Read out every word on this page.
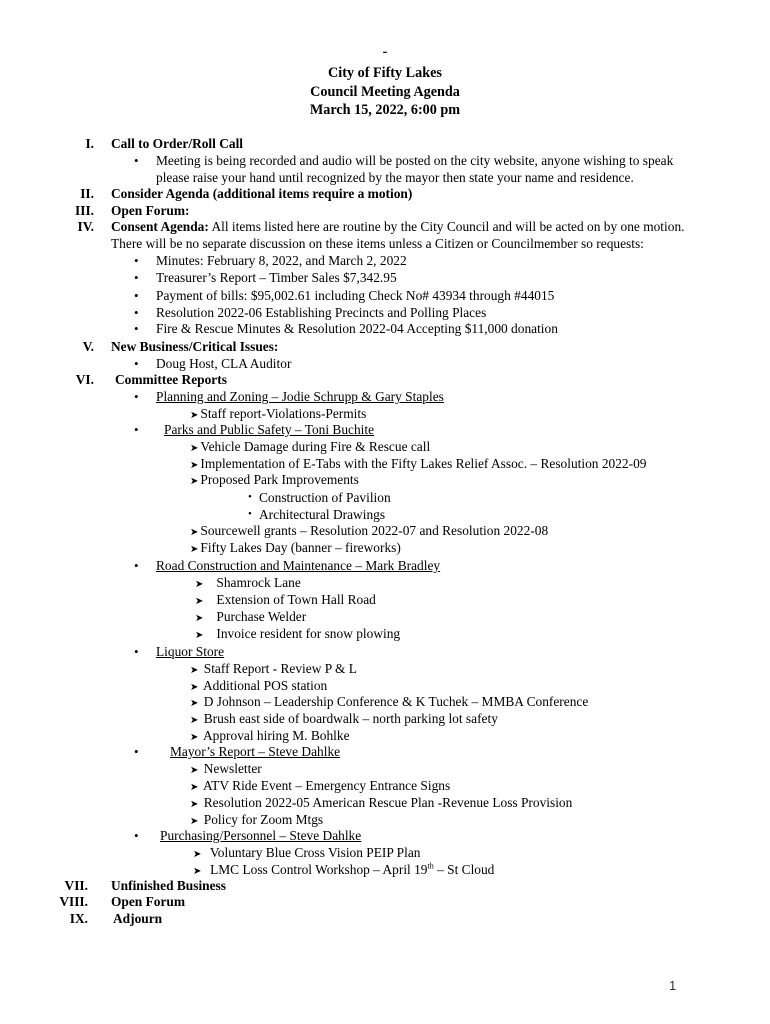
-
City of Fifty Lakes
Council Meeting Agenda
March 15, 2022, 6:00 pm
I. Call to Order/Roll Call
• Meeting is being recorded and audio will be posted on the city website, anyone wishing to speak
please raise your hand until recognized by the mayor then state your name and residence.
II. Consider Agenda (additional items require a motion)
III. Open Forum:
IV. Consent Agenda: All items listed here are routine by the City Council and will be acted on by one motion.
There will be no separate discussion on these items unless a Citizen or Councilmember so requests:
• Minutes: February 8, 2022, and March 2, 2022
• Treasurer’s Report – Timber Sales $7,342.95
• Payment of bills: $95,002.61 including Check No# 43934 through #44015
• Resolution 2022-06 Establishing Precincts and Polling Places
• Fire & Rescue Minutes & Resolution 2022-04 Accepting $11,000 donation
V. New Business/Critical Issues:
• Doug Host, CLA Auditor
VI. Committee Reports
• Planning and Zoning – Jodie Schrupp & Gary Staples
➤ Staff report-Violations-Permits
• Parks and Public Safety – Toni Buchite
➤ Vehicle Damage during Fire & Rescue call
➤ Implementation of E-Tabs with the Fifty Lakes Relief Assoc. – Resolution 2022-09
➤ Proposed Park Improvements
• Construction of Pavilion
• Architectural Drawings
➤ Sourcewell grants – Resolution 2022-07 and Resolution 2022-08
➤ Fifty Lakes Day (banner – fireworks)
• Road Construction and Maintenance – Mark Bradley
➤ Shamrock Lane
➤ Extension of Town Hall Road
➤ Purchase Welder
➤ Invoice resident for snow plowing
• Liquor Store
➤ Staff Report - Review P & L
➤ Additional POS station
➤ D Johnson – Leadership Conference & K Tuchek – MMBA Conference
➤ Brush east side of boardwalk – north parking lot safety
➤ Approval hiring M. Bohlke
• Mayor’s Report – Steve Dahlke
➤ Newsletter
➤ ATV Ride Event – Emergency Entrance Signs
➤ Resolution 2022-05 American Rescue Plan -Revenue Loss Provision
➤ Policy for Zoom Mtgs
• Purchasing/Personnel – Steve Dahlke
➤ Voluntary Blue Cross Vision PEIP Plan
➤ LMC Loss Control Workshop – April 19th – St Cloud
VII. Unfinished Business
VIII. Open Forum
IX. Adjourn
1
